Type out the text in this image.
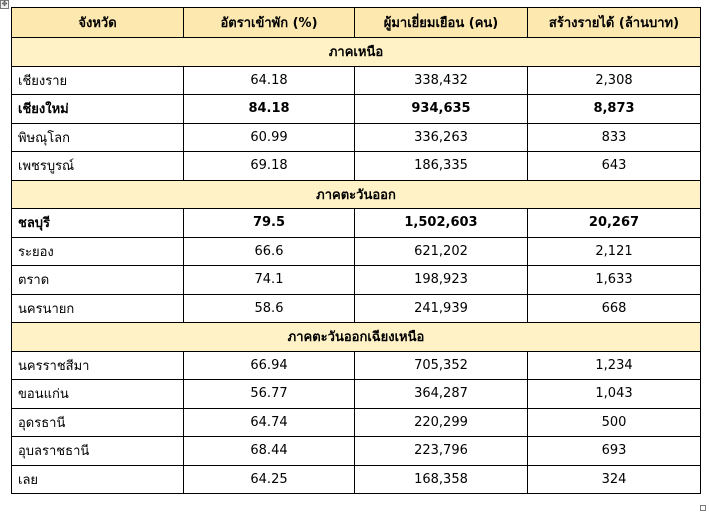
✥
จังหวัด	อัตราเข้าพัก (%)	ผู้มาเยี่ยมเยือน (คน)	สร้างรายได้ (ล้านบาท)
ภาคเหนือ			
เชียงราย	64.18	338,432	2,308
เชียงใหม่	84.18	934,635	8,873
พิษณุโลก	60.99	336,263	833
เพชรบูรณ์	69.18	186,335	643
ภาคตะวันออก			
ชลบุรี	79.5	1,502,603	20,267
ระยอง	66.6	621,202	2,121
ตราด	74.1	198,923	1,633
นครนายก	58.6	241,939	668
ภาคตะวันออกเฉียงเหนือ			
นครราชสีมา	66.94	705,352	1,234
ขอนแก่น	56.77	364,287	1,043
อุดรธานี	64.74	220,299	500
อุบลราชธานี	68.44	223,796	693
เลย	64.25	168,358	324
